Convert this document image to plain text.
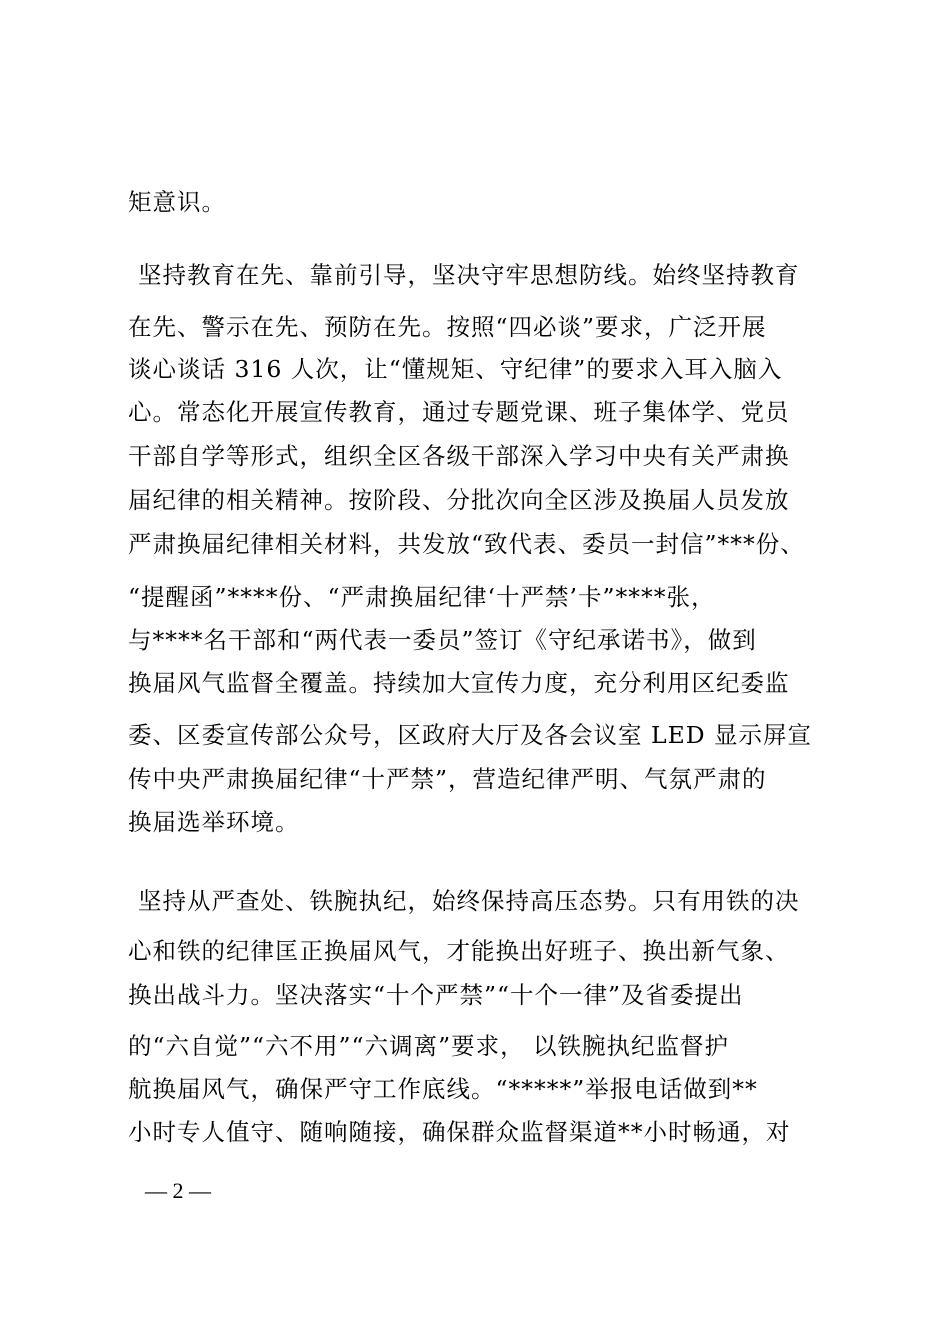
矩意识。
坚持教育在先、靠前引导，坚决守牢思想防线。始终坚持教育
在先、警示在先、预防在先。按照“四必谈”要求，广泛开展
谈心谈话 316 人次，让“懂规矩、守纪律”的要求入耳入脑入
心。常态化开展宣传教育，通过专题党课、班子集体学、党员
干部自学等形式，组织全区各级干部深入学习中央有关严肃换
届纪律的相关精神。按阶段、分批次向全区涉及换届人员发放
严肃换届纪律相关材料，共发放“致代表、委员一封信”***份、
“提醒函”****份、“严肃换届纪律‘十严禁’卡”****张，
与****名干部和“两代表一委员”签订《守纪承诺书》，做到
换届风气监督全覆盖。持续加大宣传力度，充分利用区纪委监
委、区委宣传部公众号，区政府大厅及各会议室 LED 显示屏宣
传中央严肃换届纪律“十严禁”，营造纪律严明、气氛严肃的
换届选举环境。
坚持从严查处、铁腕执纪，始终保持高压态势。只有用铁的决
心和铁的纪律匡正换届风气，才能换出好班子、换出新气象、
换出战斗力。坚决落实“十个严禁”“十个一律”及省委提出
的“六自觉”“六不用”“六调离”要求， 以铁腕执纪监督护
航换届风气，确保严守工作底线。“*****”举报电话做到**
小时专人值守、随响随接，确保群众监督渠道**小时畅通，对
— 2 —
